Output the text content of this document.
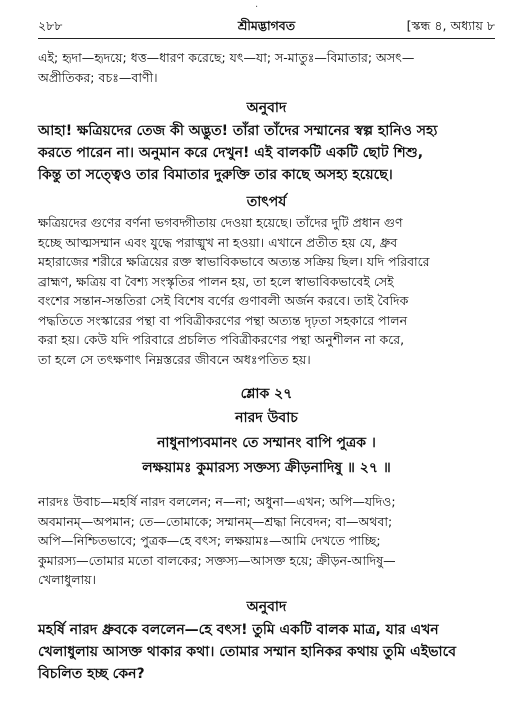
·
২৮৮	শ্রীমদ্ভাগবত	[স্কন্ধ ৪, অধ্যায় ৮

এই; হৃদা—হৃদয়ে; ধত্ত—ধারণ করেছে; যৎ—যা; স-মাতুঃ—বিমাতার; অসৎ—

অপ্রীতিকর; বচঃ—বাণী।

অনুবাদ

আহা! ক্ষত্রিয়দের তেজ কী অদ্ভুত! তাঁরা তাঁদের সম্মানের স্বল্প হানিও সহ্য

করতে পারেন না। অনুমান করে দেখুন! এই বালকটি একটি ছোট শিশু,

কিন্তু তা সত্ত্বেও তার বিমাতার দুরুক্তি তার কাছে অসহ্য হয়েছে।

তাৎপর্য

ক্ষত্রিয়দের গুণের বর্ণনা ভগবদ্গীতায় দেওয়া হয়েছে। তাঁদের দুটি প্রধান গুণ

হচ্ছে আত্মসম্মান এবং যুদ্ধে পরাঙ্মুখ না হওয়া। এখানে প্রতীত হয় যে, ধ্রুব

মহারাজের শরীরে ক্ষত্রিয়ের রক্ত স্বাভাবিকভাবে অত্যন্ত সক্রিয় ছিল। যদি পরিবারে

ব্রাহ্মণ, ক্ষত্রিয় বা বৈশ্য সংস্কৃতির পালন হয়, তা হলে স্বাভাবিকভাবেই সেই

বংশের সন্তান-সন্ততিরা সেই বিশেষ বর্ণের গুণাবলী অর্জন করবে। তাই বৈদিক

পদ্ধতিতে সংস্কারের পন্থা বা পবিত্রীকরণের পন্থা অত্যন্ত দৃঢ়তা সহকারে পালন

করা হয়। কেউ যদি পরিবারে প্রচলিত পবিত্রীকরণের পন্থা অনুশীলন না করে,

তা হলে সে তৎক্ষণাৎ নিম্নস্তরের জীবনে অধঃপতিত হয়।

শ্লোক ২৭

নারদ উবাচ

নাধুনাপ্যবমানং তে সম্মানং বাপি পুত্রক ।

লক্ষয়ামঃ কুমারস্য সক্তস্য ক্রীড়নাদিষু ॥ ২৭ ॥

নারদঃ উবাচ—মহর্ষি নারদ বললেন; ন—না; অধুনা—এখন; অপি—যদিও;

অবমানম্—অপমান; তে—তোমাকে; সম্মানম্—শ্রদ্ধা নিবেদন; বা—অথবা;

অপি—নিশ্চিতভাবে; পুত্রক—হে বৎস; লক্ষয়ামঃ—আমি দেখতে পাচ্ছি;

কুমারস্য—তোমার মতো বালকের; সক্তস্য—আসক্ত হয়ে; ক্রীড়ন-আদিষু—

খেলাধুলায়।

অনুবাদ

মহর্ষি নারদ ধ্রুবকে বললেন—হে বৎস! তুমি একটি বালক মাত্র, যার এখন

খেলাধুলায় আসক্ত থাকার কথা। তোমার সম্মান হানিকর কথায় তুমি এইভাবে

বিচলিত হচ্ছ কেন?
